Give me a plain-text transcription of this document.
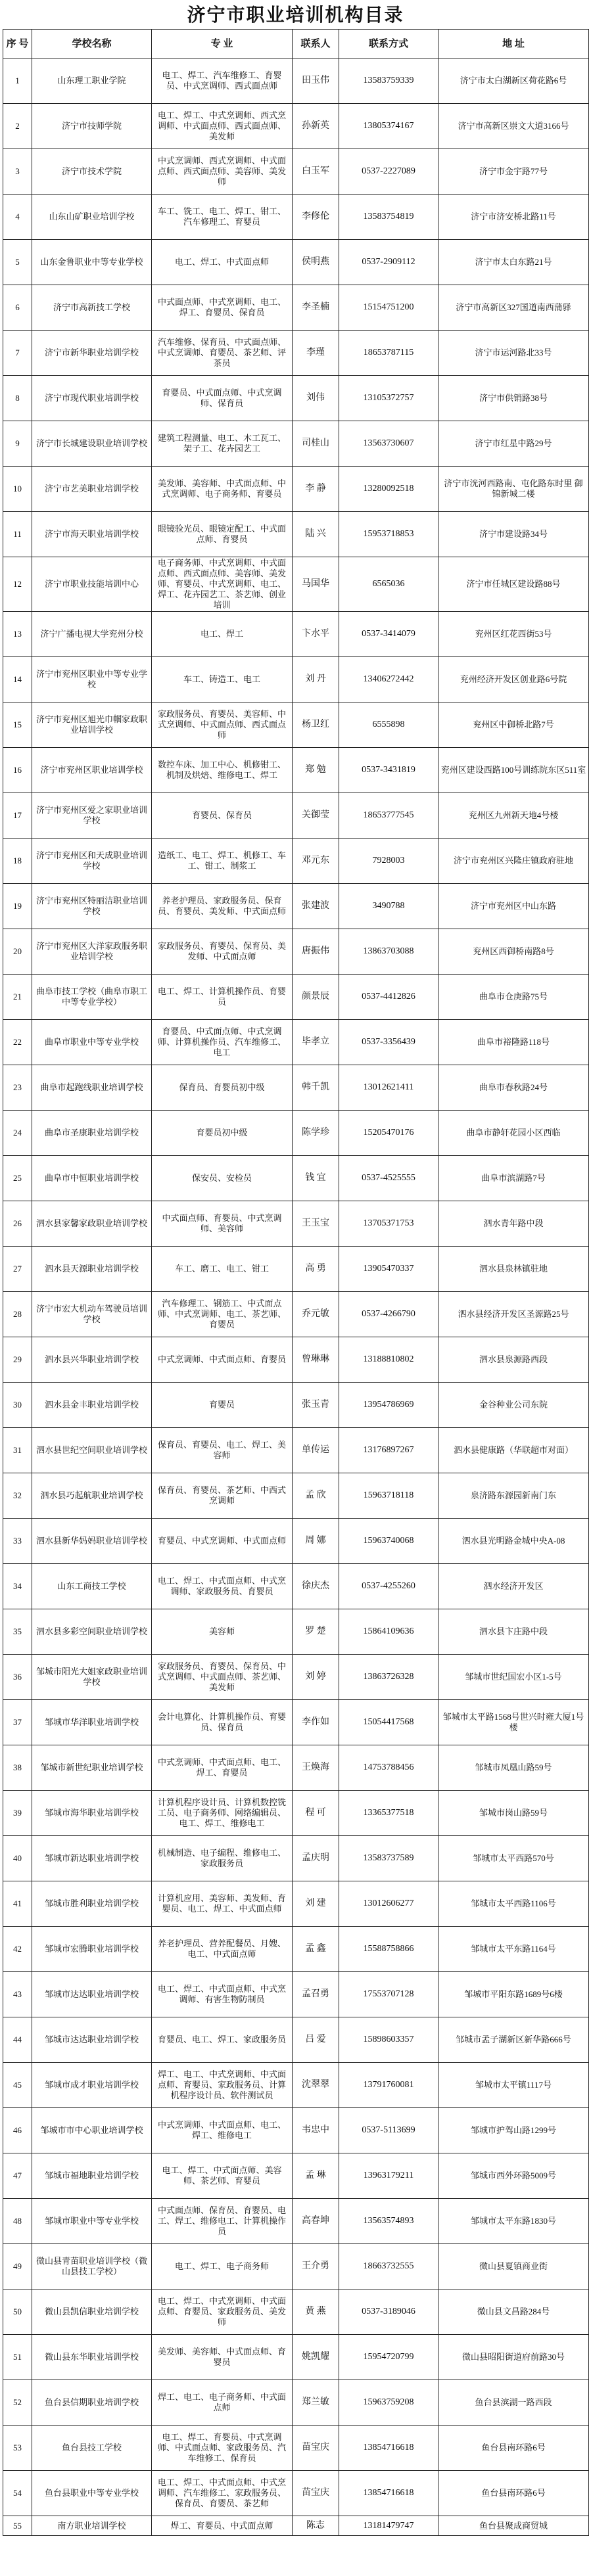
济宁市职业培训机构目录
序 号	学校名称	专 业	联系人	联系方式	地 址
1	山东理工职业学院	电工、焊工、汽车维修工、育婴员、中式烹调师、西式面点师	田玉伟	13583759339	济宁市太白湖新区荷花路6号
2	济宁市技师学院	电工、焊工、中式烹调师、西式烹调师、中式面点师、西式面点师、美发师	孙新英	13805374167	济宁市高新区崇文大道3166号
3	济宁市技术学院	中式烹调师、西式烹调师、中式面点师、西式面点师、美容师、美发师	白玉军	0537-2227089	济宁市金宇路77号
4	山东山矿职业培训学校	车工、铣工、电工、焊工、钳工、汽车修理工、育婴员	李修伦	13583754819	济宁市济安桥北路11号
5	山东金鲁职业中等专业学校	电工、焊工、中式面点师	侯明燕	0537-2909112	济宁市太白东路21号
6	济宁市高新技工学校	中式面点师、中式烹调师、电工、焊工、育婴员、保育员	李圣楠	15154751200	济宁市高新区327国道南西蒲驿
7	济宁市新华职业培训学校	汽车维修、保育员、中式面点师、中式烹调师、育婴员、茶艺师、评茶员	李瑾	18653787115	济宁市运河路北33号
8	济宁市现代职业培训学校	育婴员、中式面点师、中式烹调师、保育员	刘伟	13105372757	济宁市供销路38号
9	济宁市长城建设职业培训学校	建筑工程测量、电工、木工瓦工、架子工、花卉园艺工	司桂山	13563730607	济宁市红星中路29号
10	济宁市艺美职业培训学校	美发师、美容师、中式面点师、中式烹调师、电子商务师、育婴员	李 静	13280092518	济宁市洸河西路南、屯化路东时里 御锦新城二楼
11	济宁市海天职业培训学校	眼镜验光员、眼镜定配工、中式面点师、育婴员	陆 兴	15953718853	济宁市建设路34号
12	济宁市职业技能培训中心	电子商务师、中式烹调师、中式面点师、西式面点师、美容师、美发师、育婴员、中式烹调师、电工、焊工、花卉园艺工、茶艺师、创业培训	马国华	6565036	济宁市任城区建设路88号
13	济宁广播电视大学兖州分校	电工、焊工	卞水平	0537-3414079	兖州区红花西街53号
14	济宁市兖州区职业中等专业学校	车工、铸造工、电工	刘 丹	13406272442	兖州经济开发区创业路6号院
15	济宁市兖州区旭光巾帼家政职业培训学校	家政服务员、育婴员、美容师、中式烹调师、中式面点师、西式面点师	杨卫红	6555898	兖州区中御桥北路7号
16	济宁市兖州区职业培训学校	数控车床、加工中心、机修钳工、机制及烘焙、维修电工、焊工	郑 勉	0537-3431819	兖州区建设西路100号训练院东区511室
17	济宁市兖州区爱之家职业培训学校	育婴员、保育员	关御莹	18653777545	兖州区九州新天地4号楼
18	济宁市兖州区和天成职业培训学校	造纸工、电工、焊工、机修工、车工、钳工、制浆工	邓元东	7928003	济宁市兖州区兴隆庄镇政府驻地
19	济宁市兖州区特丽洁职业培训学校	养老护理员、家政服务员、保育员、育婴员、美发师、中式面点师	张建波	3490788	济宁市兖州区中山东路
20	济宁市兖州区大洋家政服务职业培训学校	家政服务员、育婴员、保育员、美发师、中式面点师	唐振伟	13863703088	兖州区西御桥南路8号
21	曲阜市技工学校（曲阜市职工中等专业学校）	电工、焊工、计算机操作员、育婴员	颜景辰	0537-4412826	曲阜市仓庚路75号
22	曲阜市职业中等专业学校	育婴员、中式面点师、中式烹调师、计算机操作员、汽车维修工、电工	毕孝立	0537-3356439	曲阜市裕隆路118号
23	曲阜市起跑线职业培训学校	保育员、育婴员初中级	韩千凯	13012621411	曲阜市春秋路24号
24	曲阜市圣康职业培训学校	育婴员初中级	陈学珍	15205470176	曲阜市静轩花园小区西临
25	曲阜市中恒职业培训学校	保安员、安检员	钱 宜	0537-4525555	曲阜市滨湖路7号
26	泗水县家馨家政职业培训学校	中式面点师、育婴员、中式烹调师、美容师	王玉宝	13705371753	泗水青年路中段
27	泗水县天源职业培训学校	车工、磨工、电工、钳工	高 勇	13905470337	泗水县泉林镇驻地
28	济宁市宏大机动车驾驶员培训学校	汽车修理工、钢筋工、中式面点师、中式烹调师、电工、茶艺师、育婴员	乔元敏	0537-4266790	泗水县经济开发区圣源路25号
29	泗水县兴华职业培训学校	中式烹调师、中式面点师、育婴员	曾琳琳	13188810802	泗水县泉源路西段
30	泗水县金丰职业培训学校	育婴员	张玉青	13954786969	金谷种业公司东院
31	泗水县世纪空间职业培训学校	保育员、育婴员、电工、焊工、美容师	单传运	13176897267	泗水县健康路（华联超市对面）
32	泗水县巧起航职业培训学校	保育员、育婴员、茶艺师、中西式烹调师	孟 欣	15963718118	泉济路东源园新南门东
33	泗水县新华妈妈职业培训学校	育婴员、中式烹调师、中式面点师	周 娜	15963740068	泗水县光明路金城中央A-08
34	山东工商技工学校	电工、焊工、中式面点师、中式烹调师、家政服务员、育婴员	徐庆杰	0537-4255260	泗水经济开发区
35	泗水县多彩空间职业培训学校	美容师	罗 楚	15864109636	泗水县卞庄路中段
36	邹城市阳光大姐家政职业培训学校	家政服务员、育婴员、保育员、中式烹调师、中式面点师、茶艺师、美发师	刘 婷	13863726328	邹城市世纪国宏小区1-5号
37	邹城市华洋职业培训学校	会计电算化、计算机操作员、育婴员、保育员	李作如	15054417568	邹城市太平路1568号世兴时雍大厦1号楼
38	邹城市新世纪职业培训学校	中式烹调师、中式面点师、电工、焊工、育婴员	王焕海	14753788456	邹城市凤凰山路59号
39	邹城市海华职业培训学校	计算机程序设计员、计算机数控铣工员、电子商务师、网络编辑员、电工、焊工、维修电工	程 可	13365377518	邹城市岗山路59号
40	邹城市新达职业培训学校	机械制造、电子编程、维修电工、家政服务员	孟庆明	13583737589	邹城市太平西路570号
41	邹城市胜利职业培训学校	计算机应用、美容师、美发师、育婴员、电工、焊工、中式面点师	刘 建	13012606277	邹城市太平西路1106号
42	邹城市宏腾职业培训学校	养老护理员、营养配餐员、月嫂、电工、中式面点师	孟 鑫	15588758866	邹城市太平东路1164号
43	邹城市达达职业培训学校	电工、焊工、中式面点师、中式烹调师、有害生物防制员	孟召勇	17553707128	邹城市平阳东路1689号6楼
44	邹城市达达职业培训学校	育婴员、电工、焊工、家政服务员	吕 爱	15898603357	邹城市孟子湖新区新华路666号
45	邹城市成才职业培训学校	焊工、电工、中式烹调师、中式面点师、育婴员、家政服务员、计算机程序设计员、软件测试员	沈翠翠	13791760081	邹城市太平镇1117号
46	邹城市市中心职业培训学校	中式烹调师、中式面点师、电工、焊工、维修电工	韦忠中	0537-5113699	邹城市护驾山路1299号
47	邹城市福地职业培训学校	电工、焊工、中式面点师、美容师、茶艺师、育婴员	孟 琳	13963179211	邹城市西外环路5009号
48	邹城市职业中等专业学校	中式面点师、保育员、育婴员、电工、焊工、维修电工、计算机操作员	高春坤	13563574893	邹城市太平东路1830号
49	微山县青苗职业培训学校（微山县技工学校）	电工、焊工、电子商务师	王介勇	18663732555	微山县夏镇商业街
50	微山县凯信职业培训学校	电工、焊工、中式烹调师、中式面点师、育婴员、家政服务员、美发师	黄 燕	0537-3189046	微山县文昌路284号
51	微山县东华职业培训学校	美发师、美容师、中式面点师、育婴员	姚凯耀	15954720799	微山县昭阳街道府前路30号
52	鱼台县信期职业培训学校	焊工、电工、电子商务师、中式面点师	郑兰敏	15963759208	鱼台县滨湖一路西段
53	鱼台县技工学校	电工、焊工、育婴员、中式烹调师、中式面点师、家政服务员、汽车维修工、保育员	苗宝庆	13854716618	鱼台县南环路6号
54	鱼台县职业中等专业学校	电工、焊工、中式面点师、中式烹调师、汽车维修工、家政服务员、保育员、育婴员、茶艺师	苗宝庆	13854716618	鱼台县南环路6号
55	南方职业培训学校	焊工、育婴员、中式面点师	陈志	13181479747	鱼台县聚成商贸城
